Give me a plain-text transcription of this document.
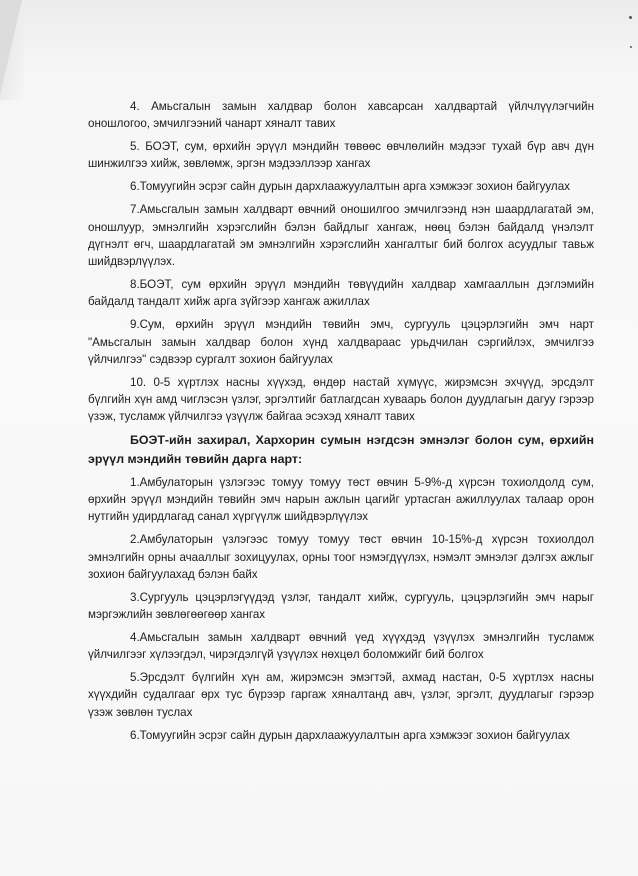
4. Амьсгалын замын халдвар болон хавсарсан халдвартай үйлчлүүлэгчийн оношлогоо, эмчилгээний чанарт хяналт тавих

5. БОЭТ, сум, өрхийн эрүүл мэндийн төвөөс өвчлөлийн мэдээг тухай бүр авч дүн шинжилгээ хийж, зөвлөмж, эргэн мэдээллээр хангах

6.Томуугийн эсрэг сайн дурын дархлаажуулалтын арга хэмжээг зохион байгуулах

7.Амьсгалын замын халдварт өвчний оношилгоо эмчилгээнд нэн шаардлагатай эм, оношлуур, эмнэлгийн хэрэгслийн бэлэн байдлыг хангаж, нөөц бэлэн байдалд үнэлэлт дүгнэлт өгч, шаардлагатай эм эмнэлгийн хэрэгслийн хангалтыг бий болгох асуудлыг тавьж шийдвэрлүүлэх.

8.БОЭТ, сум өрхийн эрүүл мэндийн төвүүдийн халдвар хамгааллын дэглэмийн байдалд тандалт хийж арга зүйгээр хангаж ажиллах

9.Сум, өрхийн эрүүл мэндийн төвийн эмч, сургууль цэцэрлэгийн эмч нарт "Амьсгалын замын халдвар болон хүнд халдвараас урьдчилан сэргийлэх, эмчилгээ үйлчилгээ" сэдвээр сургалт зохион байгуулах

10. 0-5 хүртлэх насны хүүхэд, өндөр настай хүмүүс, жирэмсэн эхчүүд, эрсдэлт бүлгийн хүн амд чиглэсэн үзлэг, эргэлтийг батлагдсан хуваарь болон дуудлагын дагуу гэрээр үзэж, тусламж үйлчилгээ үзүүлж байгаа эсэхэд хяналт тавих

БОЭТ-ийн захирал, Хархорин сумын нэгдсэн эмнэлэг болон сум, өрхийн эрүүл мэндийн төвийн дарга нарт:

1.Амбулаторын үзлэгээс томуу томуу төст өвчин 5-9%-д хүрсэн тохиолдолд сум, өрхийн эрүүл мэндийн төвийн эмч нарын ажлын цагийг уртасган ажиллуулах талаар орон нутгийн удирдлагад санал хүргүүлж шийдвэрлүүлэх

2.Амбулаторын үзлэгээс томуу томуу төст өвчин 10-15%-д хүрсэн тохиолдол эмнэлгийн орны ачааллыг зохицуулах, орны тоог нэмэгдүүлэх, нэмэлт эмнэлэг дэлгэх ажлыг зохион байгуулахад бэлэн байх

3.Сургууль цэцэрлэгүүдэд үзлэг, тандалт хийж, сургууль, цэцэрлэгийн эмч нарыг мэргэжлийн зөвлөгөөгөөр хангах

4.Амьсгалын замын халдварт өвчний үед хүүхдэд үзүүлэх эмнэлгийн тусламж үйлчилгээг хүлээгдэл, чирэгдэлгүй үзүүлэх нөхцөл боломжийг бий болгох

5.Эрсдэлт бүлгийн хүн ам, жирэмсэн эмэгтэй, ахмад настан, 0-5 хүртлэх насны хүүхдийн судалгааг өрх тус бүрээр гаргаж хяналтанд авч, үзлэг, эргэлт, дуудлагыг гэрээр үзэж зөвлөн туслах

6.Томуугийн эсрэг сайн дурын дархлаажуулалтын арга хэмжээг зохион байгуулах
